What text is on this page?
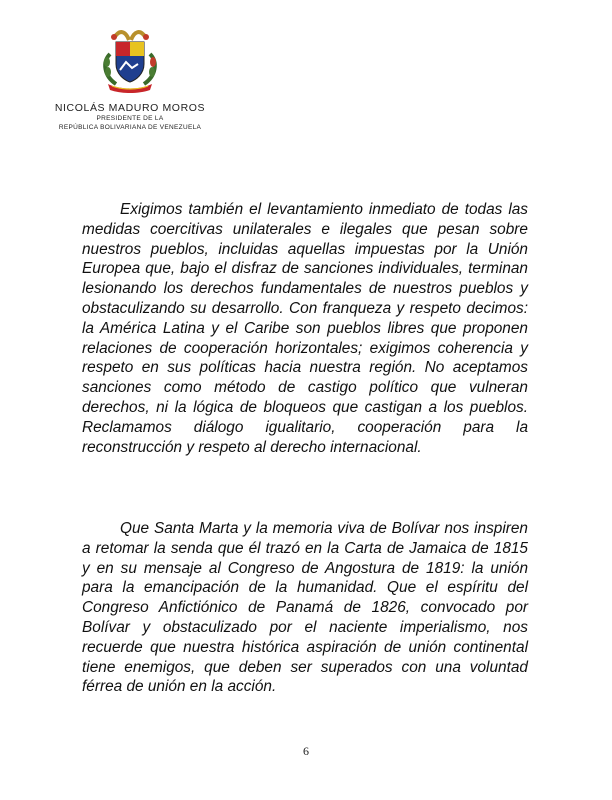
NICOLÁS MADURO MOROS
PRESIDENTE DE LA
REPÚBLICA BOLIVARIANA DE VENEZUELA

Exigimos también el levantamiento inmediato de todas las medidas coercitivas unilaterales e ilegales que pesan sobre nuestros pueblos, incluidas aquellas impuestas por la Unión Europea que, bajo el disfraz de sanciones individuales, terminan lesionando los derechos fundamentales de nuestros pueblos y obstaculizando su desarrollo. Con franqueza y respeto decimos: la América Latina y el Caribe son pueblos libres que proponen relaciones de cooperación horizontales; exigimos coherencia y respeto en sus políticas hacia nuestra región. No aceptamos sanciones como método de castigo político que vulneran derechos, ni la lógica de bloqueos que castigan a los pueblos. Reclamamos diálogo igualitario, cooperación para la reconstrucción y respeto al derecho internacional.

Que Santa Marta y la memoria viva de Bolívar nos inspiren a retomar la senda que él trazó en la Carta de Jamaica de 1815 y en su mensaje al Congreso de Angostura de 1819: la unión para la emancipación de la humanidad. Que el espíritu del Congreso Anfictiónico de Panamá de 1826, convocado por Bolívar y obstaculizado por el naciente imperialismo, nos recuerde que nuestra histórica aspiración de unión continental tiene enemigos, que deben ser superados con una voluntad férrea de unión en la acción.

6
